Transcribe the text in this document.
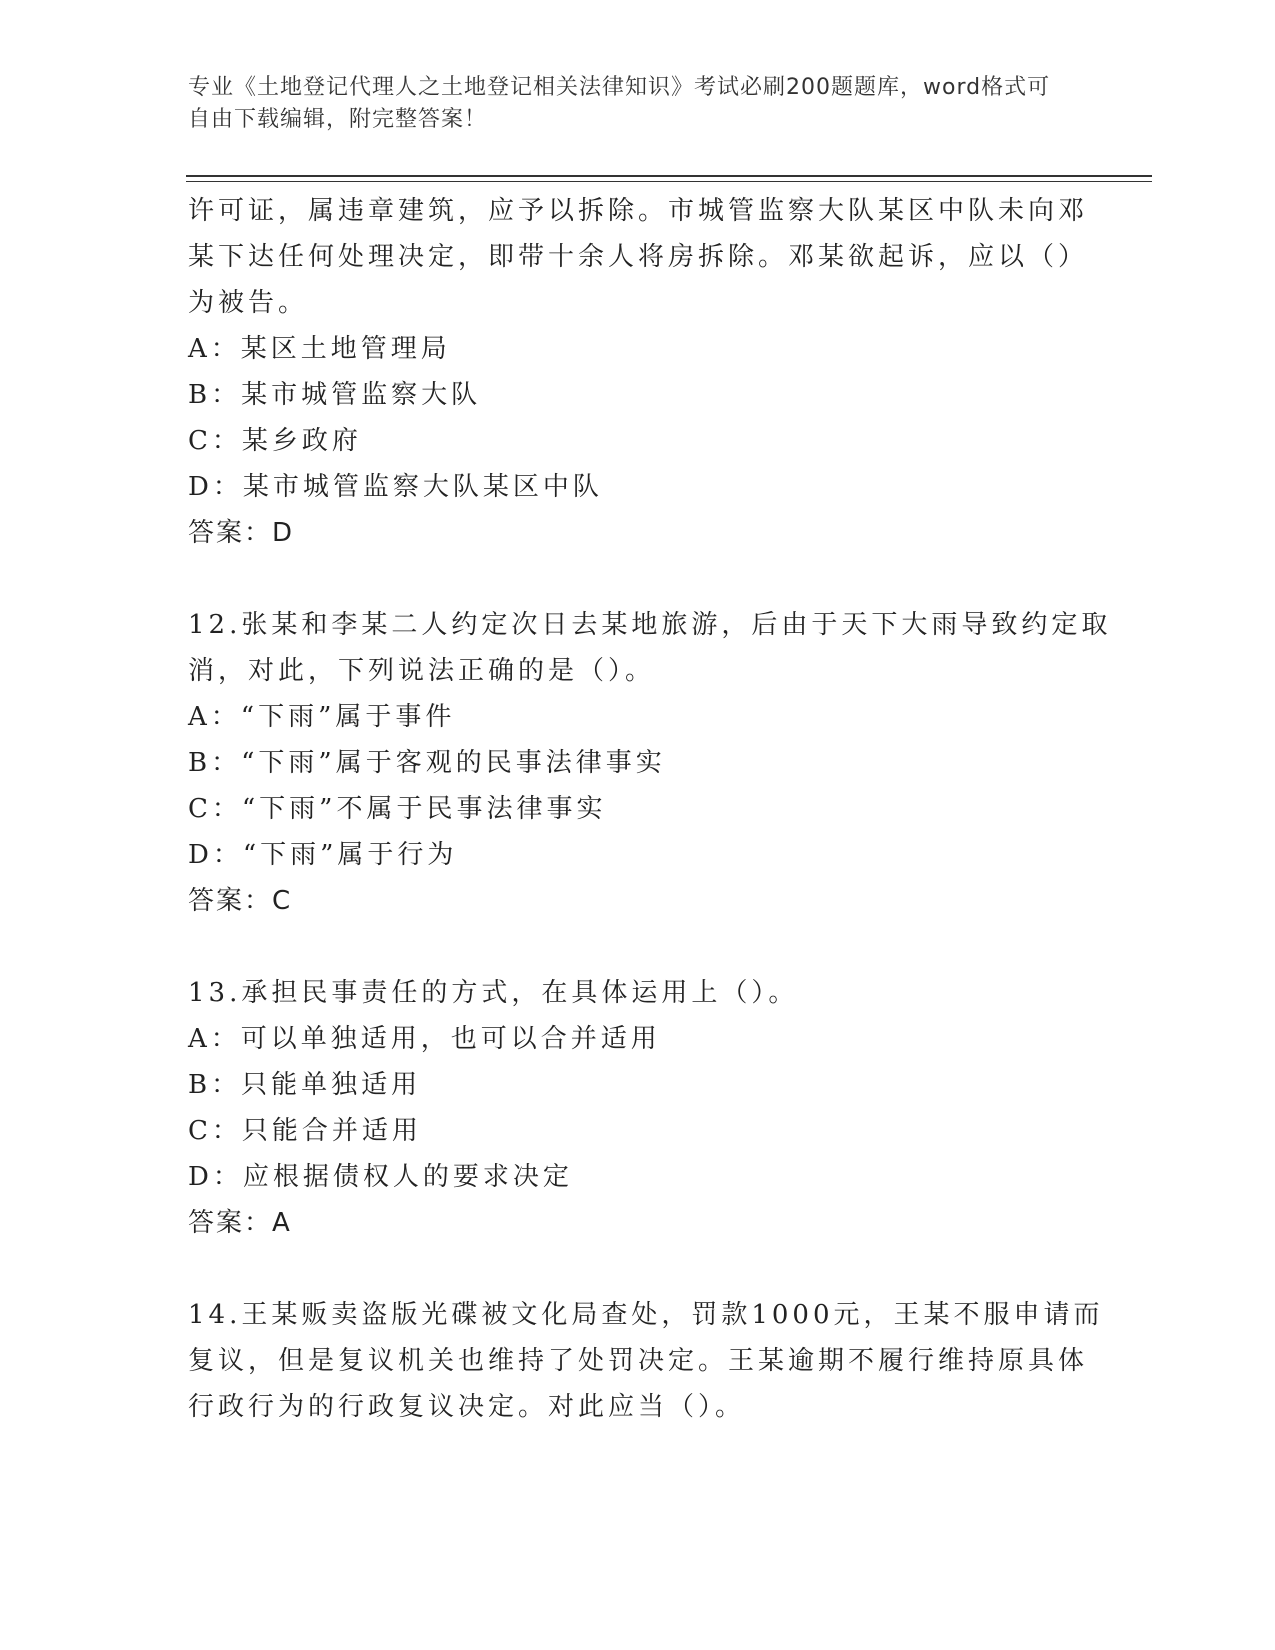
专业《土地登记代理人之土地登记相关法律知识》考试必刷200题题库，word格式可自由下载编辑，附完整答案！
许可证，属违章建筑，应予以拆除。市城管监察大队某区中队未向邓
某下达任何处理决定，即带十余人将房拆除。邓某欲起诉，应以（）
为被告。
A：某区土地管理局
B：某市城管监察大队
C：某乡政府
D：某市城管监察大队某区中队
答案：D
12.张某和李某二人约定次日去某地旅游，后由于天下大雨导致约定取
消，对此，下列说法正确的是（）。
A：“下雨”属于事件
B：“下雨”属于客观的民事法律事实
C：“下雨”不属于民事法律事实
D：“下雨”属于行为
答案：C
13.承担民事责任的方式，在具体运用上（）。
A：可以单独适用，也可以合并适用
B：只能单独适用
C：只能合并适用
D：应根据债权人的要求决定
答案：A
14.王某贩卖盗版光碟被文化局查处，罚款1000元，王某不服申请而
复议，但是复议机关也维持了处罚决定。王某逾期不履行维持原具体
行政行为的行政复议决定。对此应当（）。
